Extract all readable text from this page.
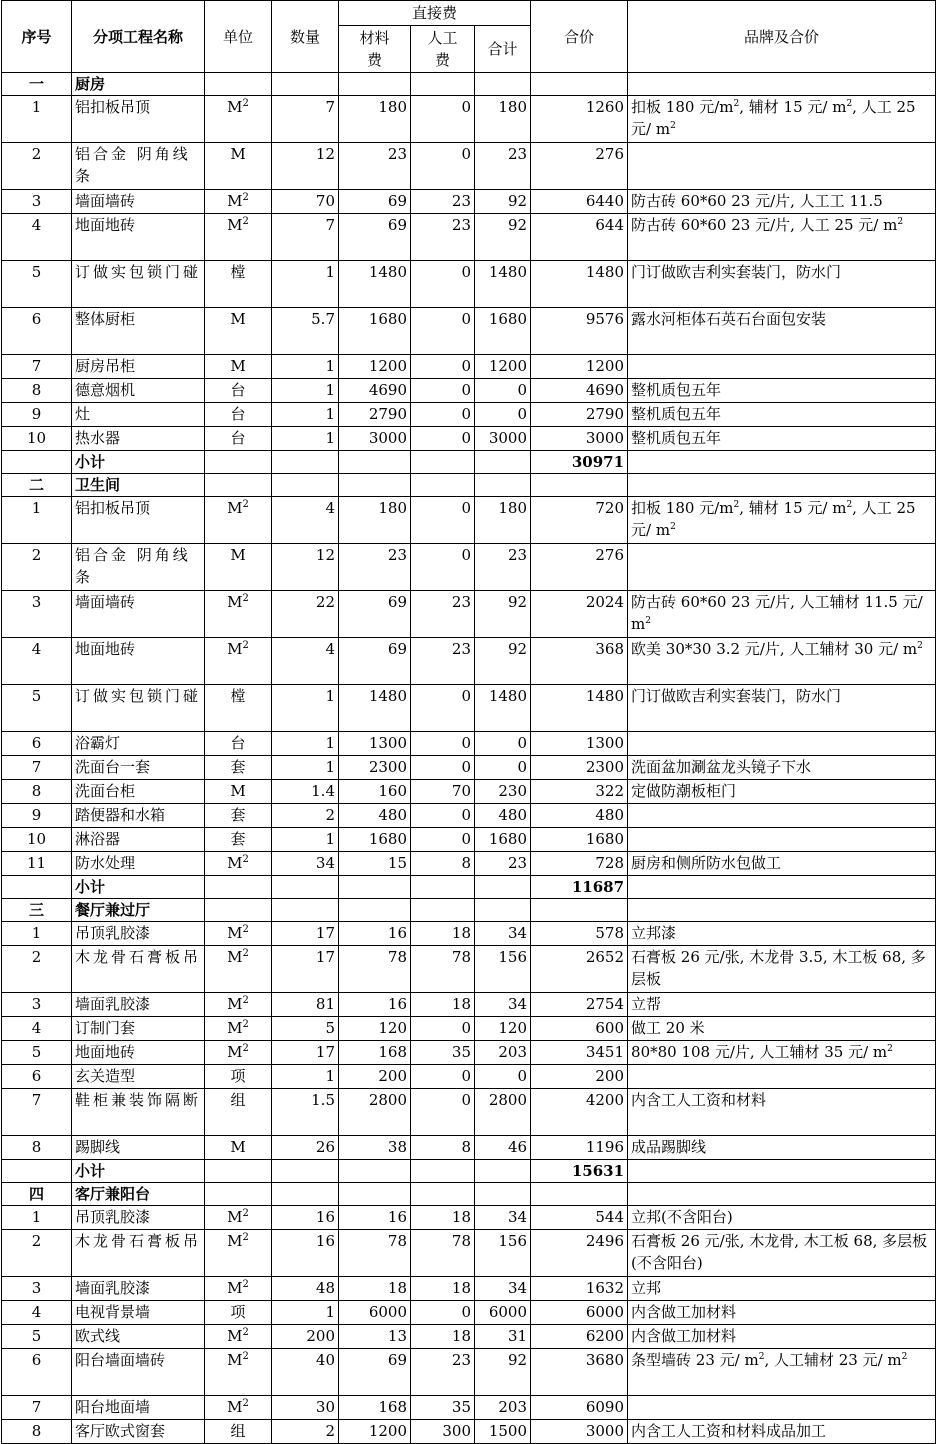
序号	分项工程名称	单位	数量	直接费			合价	品牌及合价
				材料费	人工费	合计		
一	厨房							
1	铝扣板吊顶	$M^2$	7	180	0	180	1260	扣板 180 元$/m^2$, 辅材 15 元/ $m^2$, 人工 25 元/ $m^2$
2	铝合金 阴角线条	M	12	23	0	23	276	
3	墙面墙砖	$M^2$	70	69	23	92	6440	防古砖 60*60 23 元/片, 人工工 11.5
4	地面地砖	$M^2$	7	69	23	92	644	防古砖 60*60 23 元/片, 人工 25 元/ $m^2$
5	订做实包锁门碰	樘	1	1480	0	1480	1480	门订做欧吉利实套装门，防水门
6	整体厨柜	M	5.7	1680	0	1680	9576	露水河柜体石英石台面包安装
7	厨房吊柜	M	1	1200	0	1200	1200	
8	德意烟机	台	1	4690	0	0	4690	整机质包五年
9	灶	台	1	2790	0	0	2790	整机质包五年
10	热水器	台	1	3000	0	3000	3000	整机质包五年
	小计						30971	
二	卫生间							
1	铝扣板吊顶	$M^2$	4	180	0	180	720	扣板 180 元$/m^2$, 辅材 15 元/ $m^2$, 人工 25 元/ $m^2$
2	铝合金 阴角线条	M	12	23	0	23	276	
3	墙面墙砖	$M^2$	22	69	23	92	2024	防古砖 60*60 23 元/片, 人工辅材 11.5 元/ $m^2$
4	地面地砖	$M^2$	4	69	23	92	368	欧美 30*30 3.2 元/片, 人工辅材 30 元/ $m^2$
5	订做实包锁门碰	樘	1	1480	0	1480	1480	门订做欧吉利实套装门，防水门
6	浴霸灯	台	1	1300	0	0	1300	
7	洗面台一套	套	1	2300	0	0	2300	洗面盆加涮盆龙头镜子下水
8	洗面台柜	M	1.4	160	70	230	322	定做防潮板柜门
9	踏便器和水箱	套	2	480	0	480	480	
10	淋浴器	套	1	1680	0	1680	1680	
11	防水处理	$M^2$	34	15	8	23	728	厨房和侧所防水包做工
	小计						11687	
三	餐厅兼过厅							
1	吊顶乳胶漆	$M^2$	17	16	18	34	578	立邦漆
2	木龙骨石膏板吊	$M^2$	17	78	78	156	2652	石膏板 26 元/张, 木龙骨 3.5, 木工板 68, 多层板
3	墙面乳胶漆	$M^2$	81	16	18	34	2754	立帮
4	订制门套	$M^2$	5	120	0	120	600	做工 20 米
5	地面地砖	$M^2$	17	168	35	203	3451	80*80 108 元/片, 人工辅材 35 元/ $m^2$
6	玄关造型	项	1	200	0	0	200	
7	鞋柜兼装饰隔断	组	1.5	2800	0	2800	4200	内含工人工资和材料
8	踢脚线	M	26	38	8	46	1196	成品踢脚线
	小计						15631	
四	客厅兼阳台							
1	吊顶乳胶漆	$M^2$	16	16	18	34	544	立邦(不含阳台)
2	木龙骨石膏板吊	$M^2$	16	78	78	156	2496	石膏板 26 元/张, 木龙骨, 木工板 68, 多层板(不含阳台)
3	墙面乳胶漆	$M^2$	48	18	18	34	1632	立邦
4	电视背景墙	项	1	6000	0	6000	6000	内含做工加材料
5	欧式线	$M^2$	200	13	18	31	6200	内含做工加材料
6	阳台墙面墙砖	$M^2$	40	69	23	92	3680	条型墙砖 23 元/ $m^2$, 人工辅材 23 元/ $m^2$
7	阳台地面墙	$M^2$	30	168	35	203	6090	
8	客厅欧式窗套	组	2	1200	300	1500	3000	内含工人工资和材料成品加工
